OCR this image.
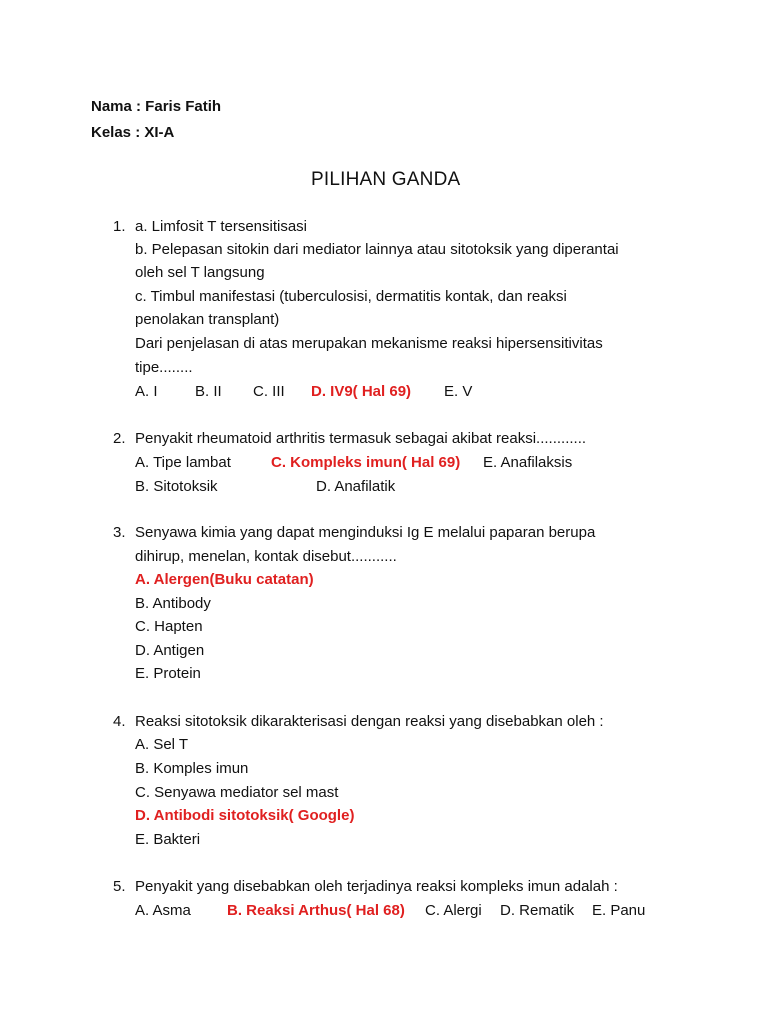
Nama : Faris Fatih
Kelas : XI-A
PILIHAN GANDA
1. a. Limfosit T tersensitisasi
b. Pelepasan sitokin dari mediator lainnya atau sitotoksik yang diperantai
oleh sel T langsung
c. Timbul manifestasi (tuberculosisi, dermatitis kontak, dan reaksi
penolakan transplant)
Dari penjelasan di atas merupakan mekanisme reaksi hipersensitivitas
tipe........
A. I B. II C. III D. IV9( Hal 69) E. V
2. Penyakit rheumatoid arthritis termasuk sebagai akibat reaksi............
A. Tipe lambat	C. Kompleks imun( Hal 69) E. Anafilaksis
B. Sitotoksik	D. Anafilatik
3. Senyawa kimia yang dapat menginduksi Ig E melalui paparan berupa
dihirup, menelan, kontak disebut...........
A. Alergen(Buku catatan)
B. Antibody
C. Hapten
D. Antigen
E. Protein
4. Reaksi sitotoksik dikarakterisasi dengan reaksi yang disebabkan oleh :
A. Sel T
B. Komples imun
C. Senyawa mediator sel mast
D. Antibodi sitotoksik( Google)
E. Bakteri
5. Penyakit yang disebabkan oleh terjadinya reaksi kompleks imun adalah :
A. Asma B. Reaksi Arthus( Hal 68) C. Alergi D. Rematik E. Panu
